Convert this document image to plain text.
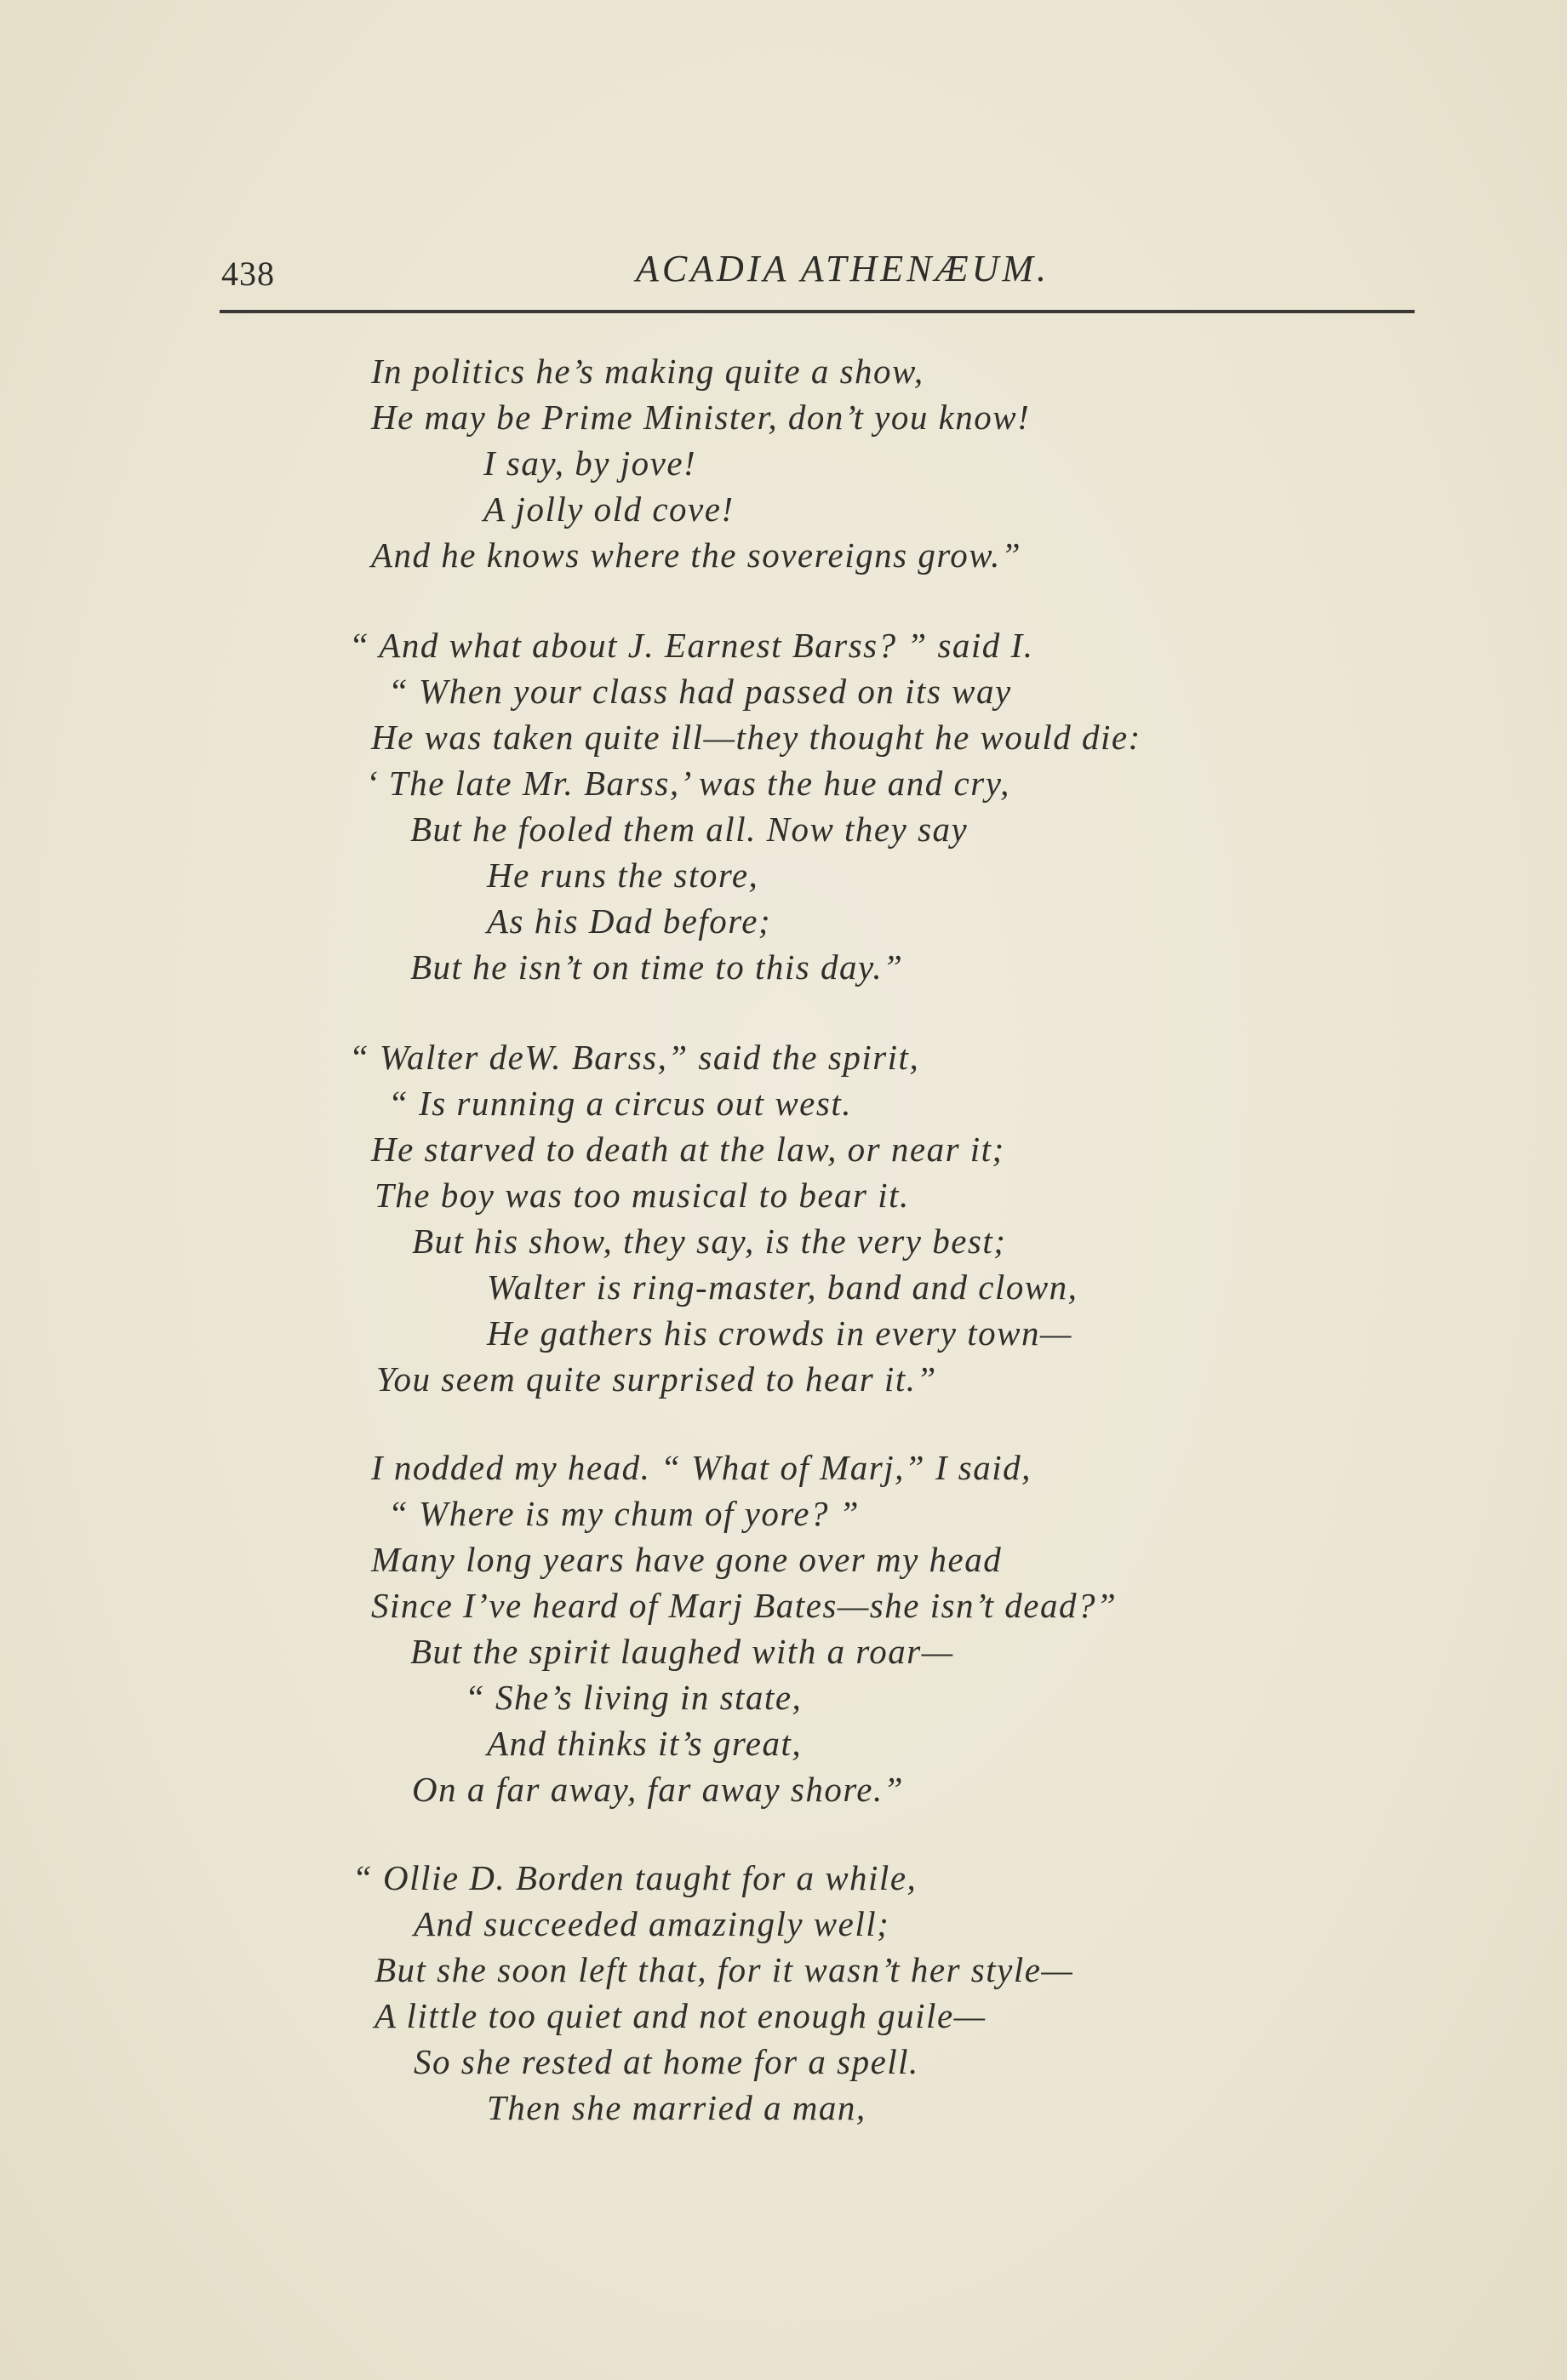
438	ACADIA ATHENÆUM.
In politics he’s making quite a show,
He may be Prime Minister, don’t you know!
I say, by jove!
A jolly old cove!
And he knows where the sovereigns grow.”
“ And what about J. Earnest Barss? ” said I.
“ When your class had passed on its way
He was taken quite ill—they thought he would die:
‘ The late Mr. Barss,’ was the hue and cry,
But he fooled them all. Now they say
He runs the store,
As his Dad before;
But he isn’t on time to this day.”
“ Walter deW. Barss,” said the spirit,
“ Is running a circus out west.
He starved to death at the law, or near it;
The boy was too musical to bear it.
But his show, they say, is the very best;
Walter is ring-master, band and clown,
He gathers his crowds in every town—
You seem quite surprised to hear it.”
I nodded my head. “ What of Marj,” I said,
“ Where is my chum of yore? ”
Many long years have gone over my head
Since I’ve heard of Marj Bates—she isn’t dead?”
But the spirit laughed with a roar—
“ She’s living in state,
And thinks it’s great,
On a far away, far away shore.”
“ Ollie D. Borden taught for a while,
And succeeded amazingly well;
But she soon left that, for it wasn’t her style—
A little too quiet and not enough guile—
So she rested at home for a spell.
Then she married a man,
